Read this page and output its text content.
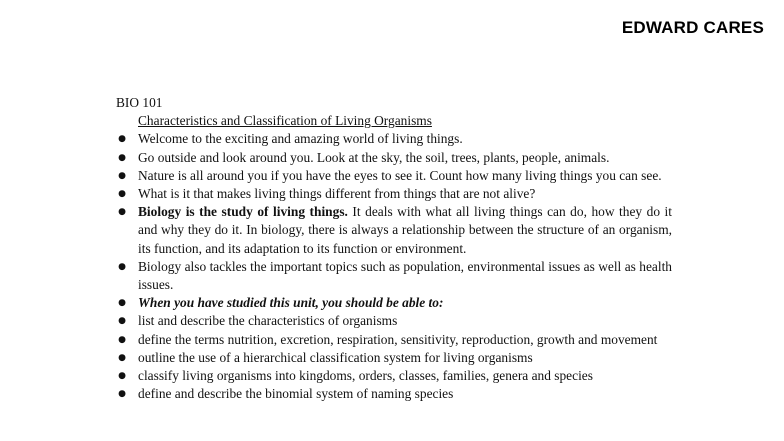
EDWARD CARES
BIO 101
Characteristics and Classification of Living Organisms
● Welcome to the exciting and amazing world of living things.
● Go outside and look around you. Look at the sky, the soil, trees, plants, people, animals.
● Nature is all around you if you have the eyes to see it. Count how many living things you can see.
● What is it that makes living things different from things that are not alive?
● Biology is the study of living things. It deals with what all living things can do, how they do it and why they do it. In biology, there is always a relationship between the structure of an organism, its function, and its adaptation to its function or environment.
● Biology also tackles the important topics such as population, environmental issues as well as health issues.
● When you have studied this unit, you should be able to:
● list and describe the characteristics of organisms
● define the terms nutrition, excretion, respiration, sensitivity, reproduction, growth and movement
● outline the use of a hierarchical classification system for living organisms
● classify living organisms into kingdoms, orders, classes, families, genera and species
● define and describe the binomial system of naming species
